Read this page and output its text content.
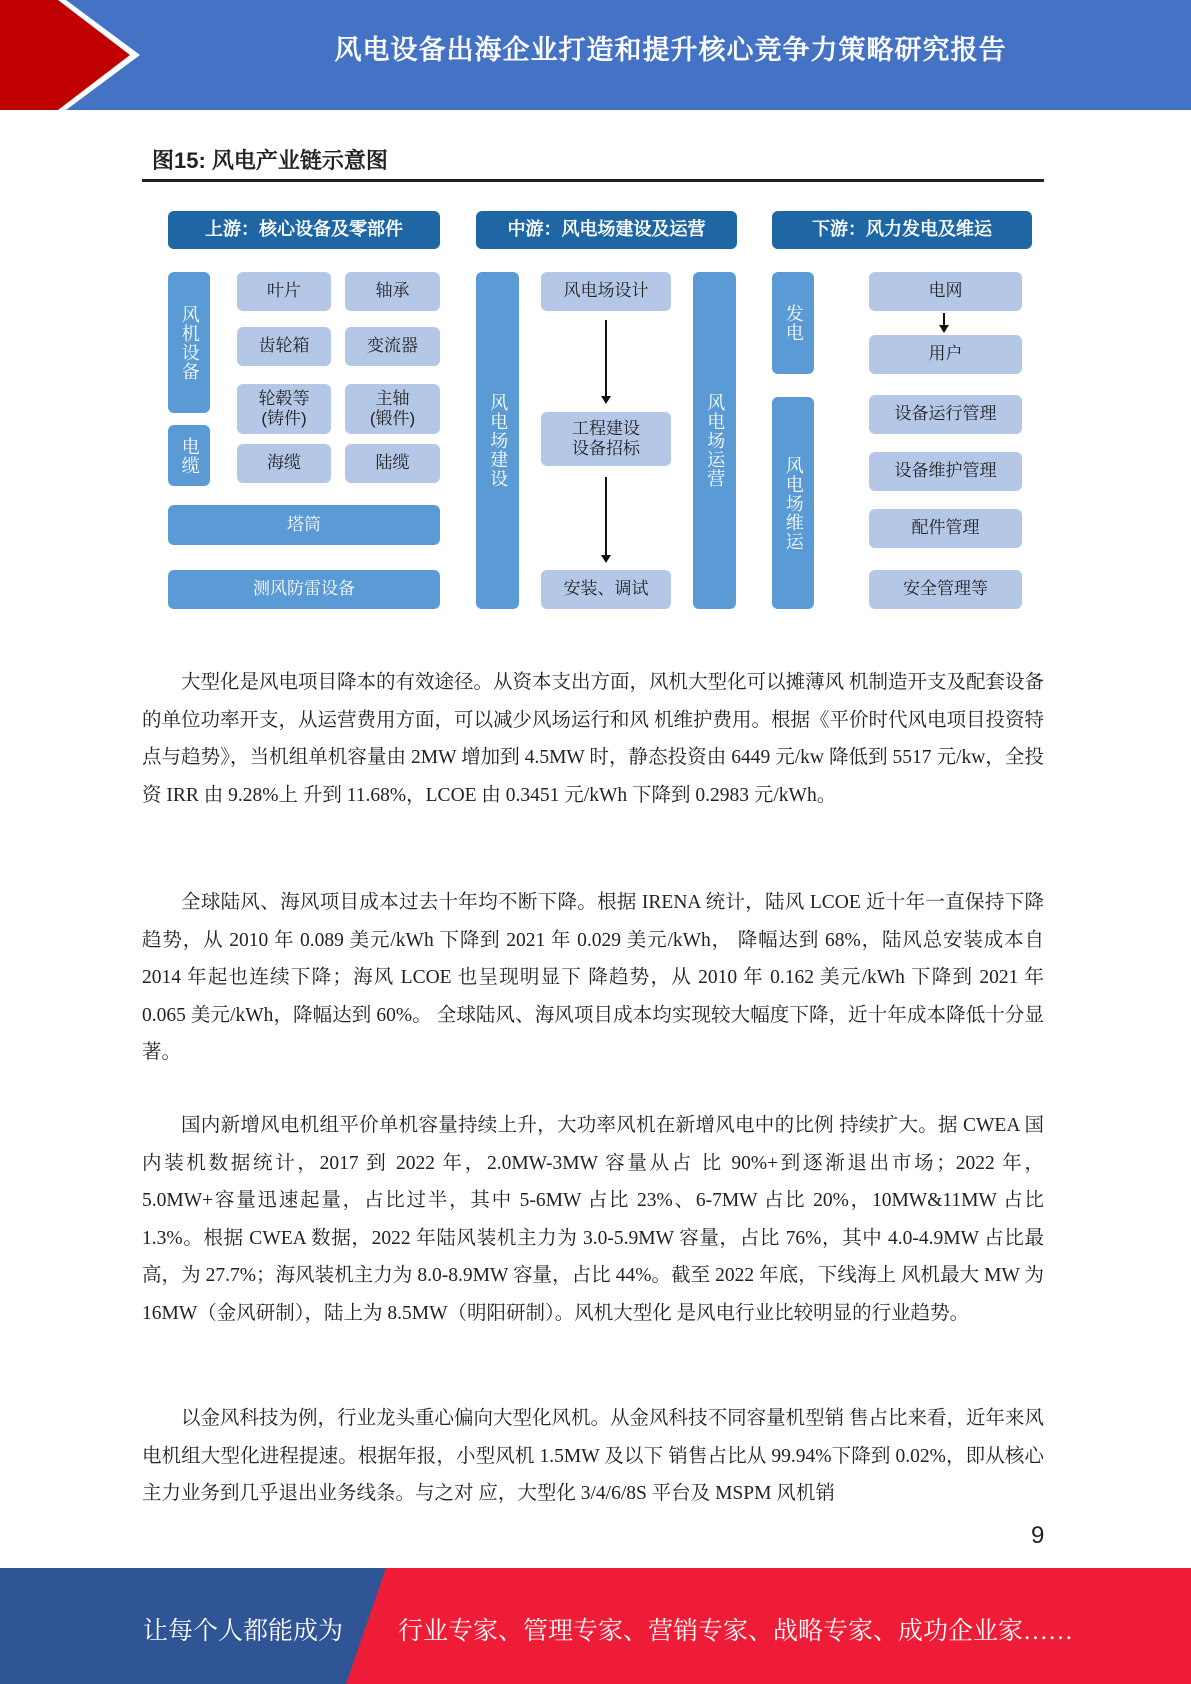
风电设备出海企业打造和提升核心竞争力策略研究报告
图15: 风电产业链示意图
上游：核心设备及零部件	中游：风电场建设及运营	下游：风力发电及维运
风机设备
电缆
叶片	轴承
齿轮箱	变流器
轮毂等
(铸件)
主轴
(锻件)
海缆	陆缆
塔筒
测风防雷设备
风电场建设	风电场运营
风电场设计
工程建设
设备招标
安装、调试
发电
风电场维运
电网
用户
设备运行管理
设备维护管理
配件管理
安全管理等

大型化是风电项目降本的有效途径。从资本支出方面，风机大型化可以摊薄风 机制造开支及配套设备的单位功率开支，从运营费用方面，可以减少风场运行和风 机维护费用。根据《平价时代风电项目投资特点与趋势》，当机组单机容量由 2MW 增加到 4.5MW 时，静态投资由 6449 元/kw 降低到 5517 元/kw，全投资 IRR 由 9.28%上 升到 11.68%，LCOE 由 0.3451 元/kWh 下降到 0.2983 元/kWh。

全球陆风、海风项目成本过去十年均不断下降。根据 IRENA 统计，陆风 LCOE 近十年一直保持下降趋势，从 2010 年 0.089 美元/kWh 下降到 2021 年 0.029 美元/kWh， 降幅达到 68%，陆风总安装成本自 2014 年起也连续下降；海风 LCOE 也呈现明显下 降趋势，从 2010 年 0.162 美元/kWh 下降到 2021 年 0.065 美元/kWh，降幅达到 60%。 全球陆风、海风项目成本均实现较大幅度下降，近十年成本降低十分显著。

国内新增风电机组平价单机容量持续上升，大功率风机在新增风电中的比例 持续扩大。据 CWEA 国内装机数据统计，2017 到 2022 年，2.0MW-3MW 容量从占 比 90%+到逐渐退出市场；2022 年，5.0MW+容量迅速起量，占比过半，其中 5-6MW 占比 23%、6-7MW 占比 20%，10MW&11MW 占比 1.3%。根据 CWEA 数据，2022 年陆风装机主力为 3.0-5.9MW 容量，占比 76%，其中 4.0-4.9MW 占比最高，为 27.7%；海风装机主力为 8.0-8.9MW 容量，占比 44%。截至 2022 年底，下线海上 风机最大 MW 为 16MW（金风研制），陆上为 8.5MW（明阳研制）。风机大型化 是风电行业比较明显的行业趋势。

以金风科技为例，行业龙头重心偏向大型化风机。从金风科技不同容量机型销 售占比来看，近年来风电机组大型化进程提速。根据年报，小型风机 1.5MW 及以下 销售占比从 99.94%下降到 0.02%，即从核心主力业务到几乎退出业务线条。与之对 应，大型化 3/4/6/8S 平台及 MSPM 风机销

9
让每个人都能成为 行业专家、管理专家、营销专家、战略专家、成功企业家……
